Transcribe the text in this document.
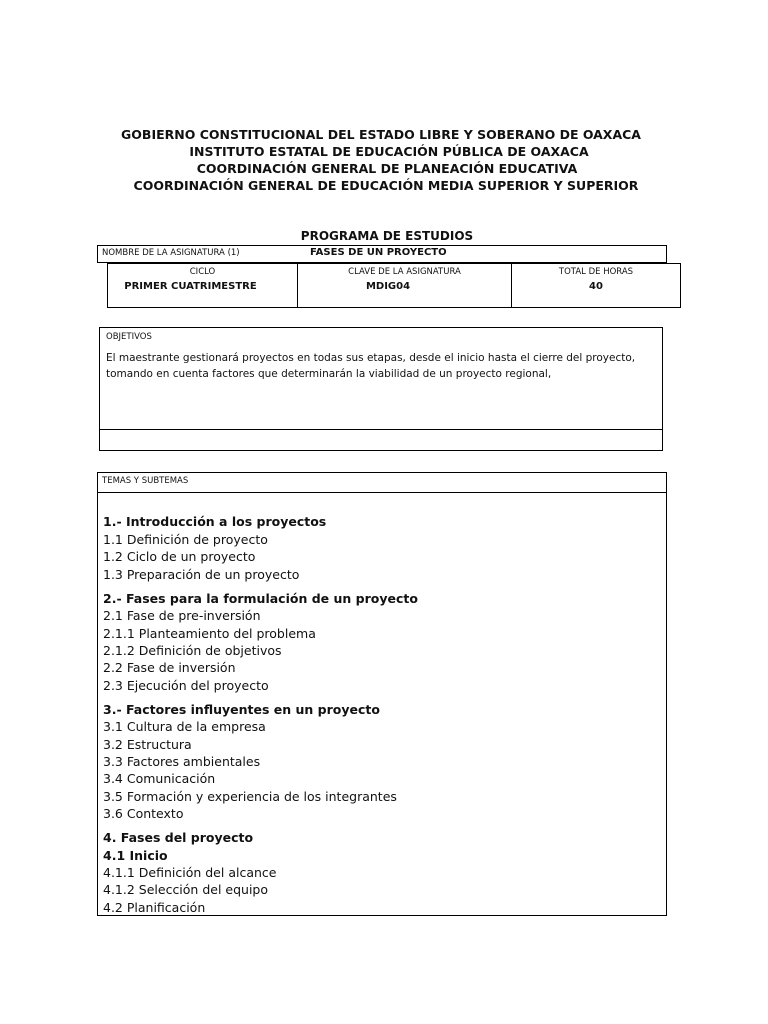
GOBIERNO CONSTITUCIONAL DEL ESTADO LIBRE Y SOBERANO DE OAXACA
INSTITUTO ESTATAL DE EDUCACIÓN PÚBLICA DE OAXACA
COORDINACIÓN GENERAL DE PLANEACIÓN EDUCATIVA
COORDINACIÓN GENERAL DE EDUCACIÓN MEDIA SUPERIOR Y SUPERIOR
PROGRAMA DE ESTUDIOS
NOMBRE DE LA ASIGNATURA (1)	FASES DE UN PROYECTO
CICLO
PRIMER CUATRIMESTRE
CLAVE DE LA ASIGNATURA
MDIG04
TOTAL DE HORAS
40
OBJETIVOS
El maestrante gestionará proyectos en todas sus etapas, desde el inicio hasta el cierre del proyecto,
tomando en cuenta factores que determinarán la viabilidad de un proyecto regional,
TEMAS Y SUBTEMAS
1.- Introducción a los proyectos
1.1 Definición de proyecto
1.2 Ciclo de un proyecto
1.3 Preparación de un proyecto
2.- Fases para la formulación de un proyecto
2.1 Fase de pre-inversión
2.1.1 Planteamiento del problema
2.1.2 Definición de objetivos
2.2 Fase de inversión
2.3 Ejecución del proyecto
3.- Factores influyentes en un proyecto
3.1 Cultura de la empresa
3.2 Estructura
3.3 Factores ambientales
3.4 Comunicación
3.5 Formación y experiencia de los integrantes
3.6 Contexto
4. Fases del proyecto
4.1 Inicio
4.1.1 Definición del alcance
4.1.2 Selección del equipo
4.2 Planificación
